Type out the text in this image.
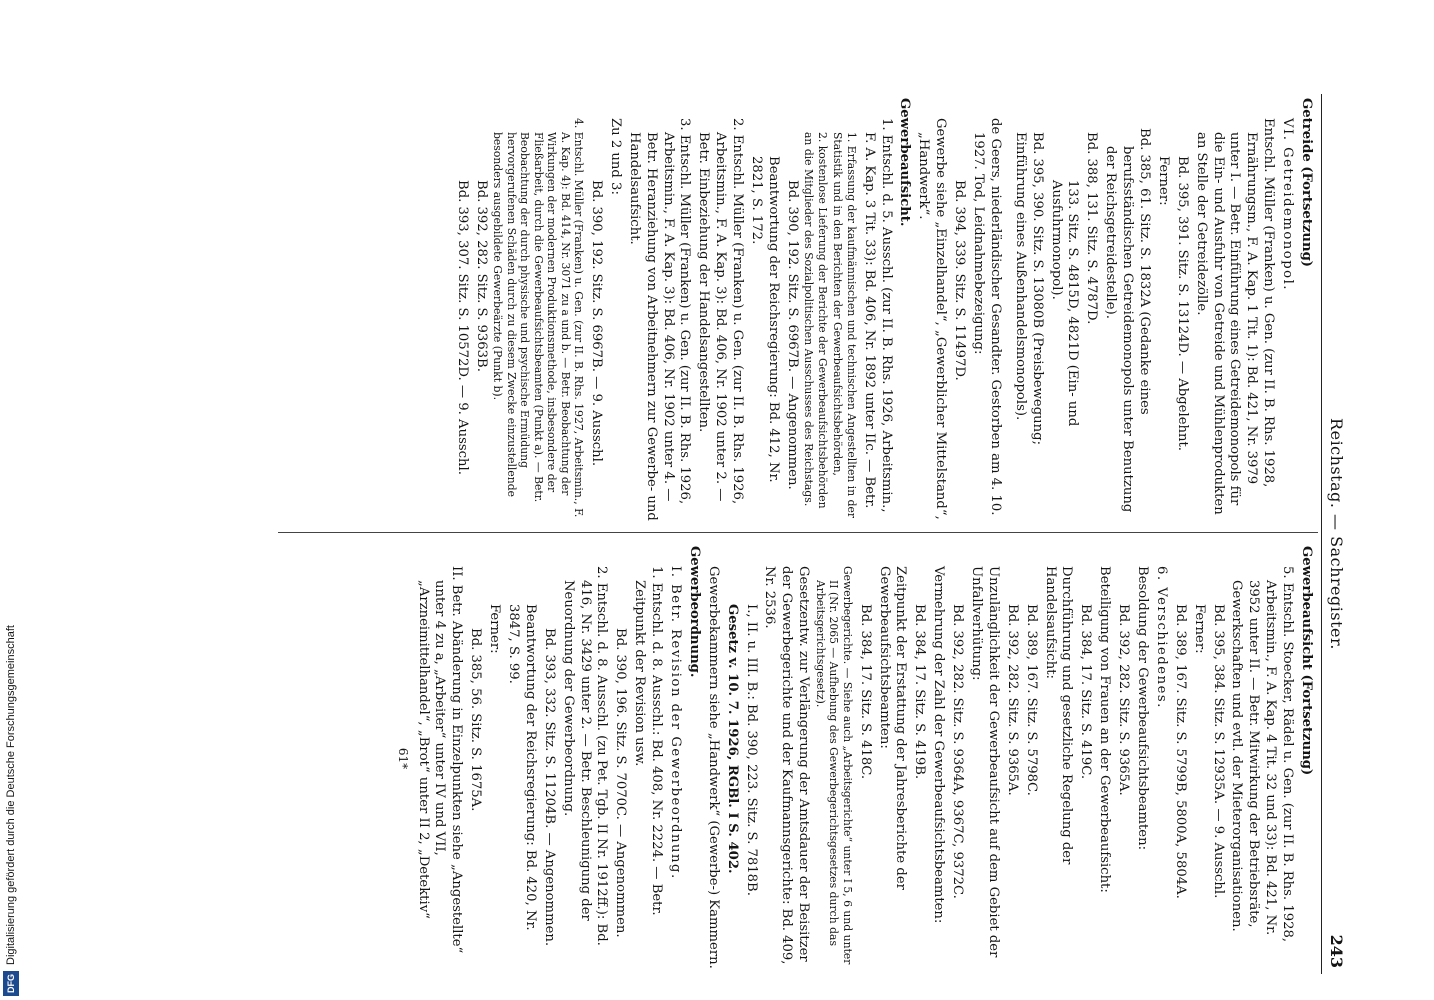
DFG
Digitalisierung gefördert durch die Deutsche Forschungsgemeinschaft
Reichstag. — Sachregister.
243
Getreide (Fortsetzung)
VI. Getreidemonopol.
Entschl. Müller (Franken) u. Gen. (zur II. B. Rhs. 1928, Ernährungsm., F. A. Kap. 1 Tit. 1): Bd. 421, Nr. 3979 unter I. — Betr. Einführung eines Getreidemonopols für die Ein- und Ausfuhr von Getreide und Mühlenprodukten an Stelle der Getreidezölle.
Bd. 395, 391. Sitz. S. 13124D. — Abgelehnt.
Ferner:
Bd. 385, 61. Sitz. S. 1832A (Gedanke eines berufsständischen Getreidemonopols unter Benutzung der Reichsgetreidestelle).
Bd. 388, 131. Sitz. S. 4787D.
133. Sitz. S. 4815D, 4821D (Ein- und Ausfuhrmonopol).
Bd. 395, 390. Sitz. S. 13080B (Preisbewegung; Einführung eines Außenhandelsmonopols).
de Geers, niederländischer Gesandter. Gestorben am 4. 10. 1927. Tod, Leidnahmebezeigung:
Bd. 394, 339. Sitz. S. 11497D.
Gewerbe siehe „Einzelhandel“, „Gewerblicher Mittelstand“, „Handwerk“.
Gewerbeaufsicht.
1. Entschl. d. 5. Ausschl. (zur II. B. Rhs. 1926, Arbeitsmin., F. A. Kap. 3 Tit. 33): Bd. 406, Nr. 1892 unter IIc. — Betr.
1. Erfassung der kaufmännischen und technischen Angestellten in der Statistik und in den Berichten der Gewerbeaufsichtsbehörden,
2. kostenlose Lieferung der Berichte der Gewerbeaufsichtsbehörden an die Mitglieder des Sozialpolitischen Ausschusses des Reichstags.
Bd. 390, 192. Sitz. S. 6967B. — Angenommen.
Beantwortung der Reichsregierung: Bd. 412, Nr. 2821, S. 172.
2. Entschl. Müller (Franken) u. Gen. (zur II. B. Rhs. 1926, Arbeitsmin., F. A. Kap. 3): Bd. 406, Nr. 1902 unter 2. — Betr. Einbeziehung der Handelsangestellten.
3. Entschl. Müller (Franken) u. Gen. (zur II. B. Rhs. 1926, Arbeitsmin., F. A. Kap. 3): Bd. 406, Nr. 1902 unter 4. — Betr. Heranziehung von Arbeitnehmern zur Gewerbe- und Handelsaufsicht.
Zu 2 und 3:
Bd. 390, 192. Sitz. S. 6967B. — 9. Ausschl.
4. Entschl. Müller (Franken) u. Gen. (zur II. B. Rhs. 1927, Arbeitsmin., F. A. Kap. 4): Bd. 414, Nr. 3071 zu a und b. — Betr. Beobachtung der Wirkungen der modernen Produktionsmethode, insbesondere der Fließarbeit, durch die Gewerbeaufsichtsbeamten (Punkt a). — Betr. Beobachtung der durch physische und psychische Ermüdung hervorgerufenen Schäden durch zu diesem Zwecke einzustellende besonders ausgebildete Gewerbeärzte (Punkt b).
Bd. 392, 282. Sitz. S. 9363B.
Bd. 393, 307. Sitz. S. 10572D. — 9. Ausschl.
Gewerbeaufsicht (Fortsetzung)
5. Entschl. Stoecker, Rädel u. Gen. (zur II. B. Rhs. 1928, Arbeitsmin., F. A. Kap. 4 Tit. 32 und 33): Bd. 421, Nr. 3952 unter II. — Betr. Mitwirkung der Betriebsräte, Gewerkschaften und evtl. der Mieterorganisationen.
Bd. 395, 384. Sitz. S. 12935A. — 9. Ausschl.
Ferner:
Bd. 389, 167. Sitz. S. 5799B, 5800A, 5804A.
6. Verschiedenes.
Besoldung der Gewerbeaufsichtsbeamten:
Bd. 392, 282. Sitz. S. 9365A.
Beteiligung von Frauen an der Gewerbeaufsicht:
Bd. 384, 17. Sitz. S. 419C.
Durchführung und gesetzliche Regelung der Handelsaufsicht:
Bd. 389, 167. Sitz. S. 5798C.
Bd. 392, 282. Sitz. S. 9365A.
Unzulänglichkeit der Gewerbeaufsicht auf dem Gebiet der Unfallverhütung:
Bd. 392, 282. Sitz. S. 9364A, 9367C, 9372C.
Vermehrung der Zahl der Gewerbeaufsichtsbeamten:
Bd. 384, 17. Sitz. S. 419B.
Zeitpunkt der Erstattung der Jahresberichte der Gewerbeaufsichtsbeamten:
Bd. 384, 17. Sitz. S. 418C.
Gewerbegerichte. — Siehe auch „Arbeitsgerichte“ unter I 5, 6 und unter II (Nr. 2065 — Aufhebung des Gewerbegerichtsgesetzes durch das Arbeitsgerichtsgesetz).
Gesetzentw. zur Verlängerung der Amtsdauer der Beisitzer der Gewerbegerichte und der Kaufmannsgerichte: Bd. 409, Nr. 2536.
I., II. u. III. B.: Bd. 390, 223. Sitz. S. 7818B.
Gesetz v. 10. 7. 1926, RGBl. I S. 402.
Gewerbekammern siehe „Handwerk“ (Gewerbe-) Kammern.
Gewerbeordnung.
I. Betr. Revision der Gewerbeordnung.
1. Entschl. d. 8. Ausschl.: Bd. 408, Nr. 2224. — Betr. Zeitpunkt der Revision usw.
Bd. 390, 196. Sitz. S. 7070C. — Angenommen.
2. Entschl. d. 8. Ausschl. (zu Pet. Tgb. II Nr. 1912ff.): Bd. 416, Nr. 3429 unter 2. — Betr. Beschleunigung der Neuordnung der Gewerbeordnung.
Bd. 393, 332. Sitz. S. 11204B. — Angenommen.
Beantwortung der Reichsregierung: Bd. 420, Nr. 3847, S. 99.
Ferner:
Bd. 385, 56. Sitz. S. 1675A.
II. Betr. Abänderung in Einzelpunkten siehe „Angestellte“ unter 4 zu a, „Arbeiter“ unter IV und VII, „Arzneimittelhandel“, „Brot“ unter II 2, „Detektiv“
61*
